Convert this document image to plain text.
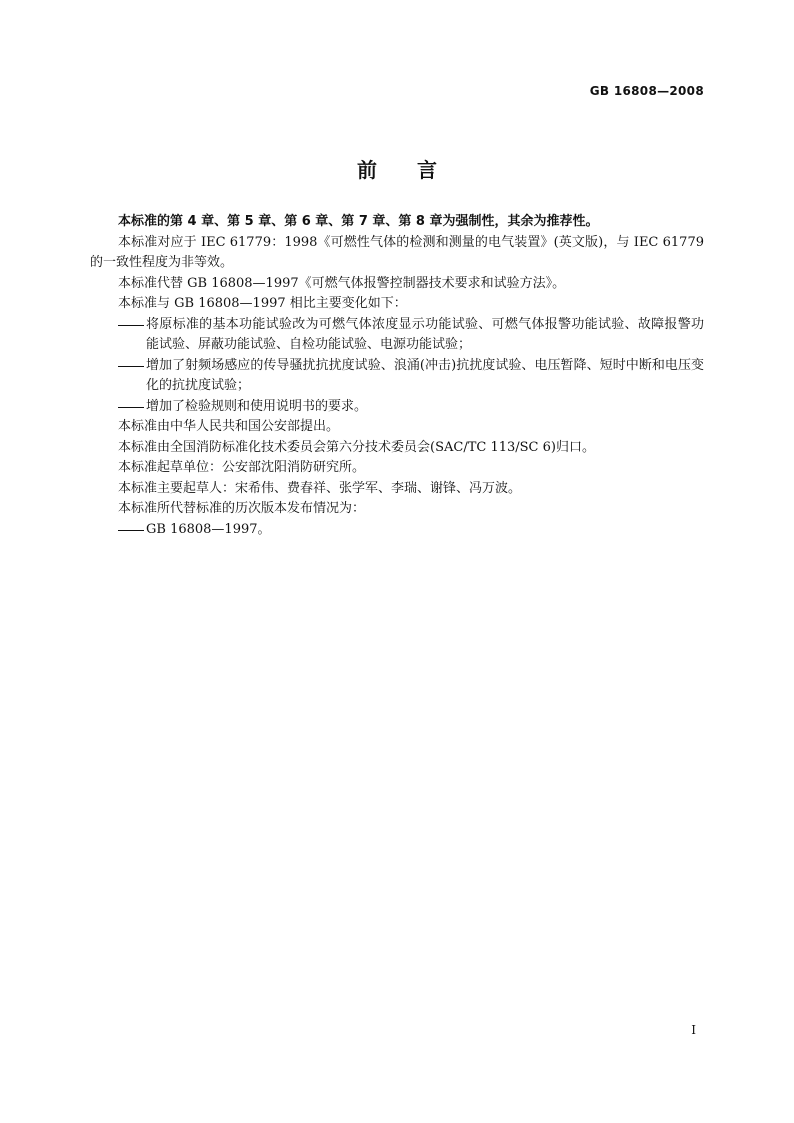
GB 16808—2008
前 言

本标准的第 4 章、第 5 章、第 6 章、第 7 章、第 8 章为强制性，其余为推荐性。

本标准对应于 IEC 61779：1998《可燃性气体的检测和测量的电气装置》(英文版)，与 IEC 61779 的一致性程度为非等效。

本标准代替 GB 16808—1997《可燃气体报警控制器技术要求和试验方法》。

本标准与 GB 16808—1997 相比主要变化如下：

将原标准的基本功能试验改为可燃气体浓度显示功能试验、可燃气体报警功能试验、故障报警功能试验、屏蔽功能试验、自检功能试验、电源功能试验；

增加了射频场感应的传导骚扰抗扰度试验、浪涌(冲击)抗扰度试验、电压暂降、短时中断和电压变化的抗扰度试验；

增加了检验规则和使用说明书的要求。

本标准由中华人民共和国公安部提出。

本标准由全国消防标准化技术委员会第六分技术委员会(SAC/TC 113/SC 6)归口。

本标准起草单位：公安部沈阳消防研究所。

本标准主要起草人：宋希伟、费春祥、张学军、李瑞、谢锋、冯万波。

本标准所代替标准的历次版本发布情况为：

GB 16808—1997。

I
